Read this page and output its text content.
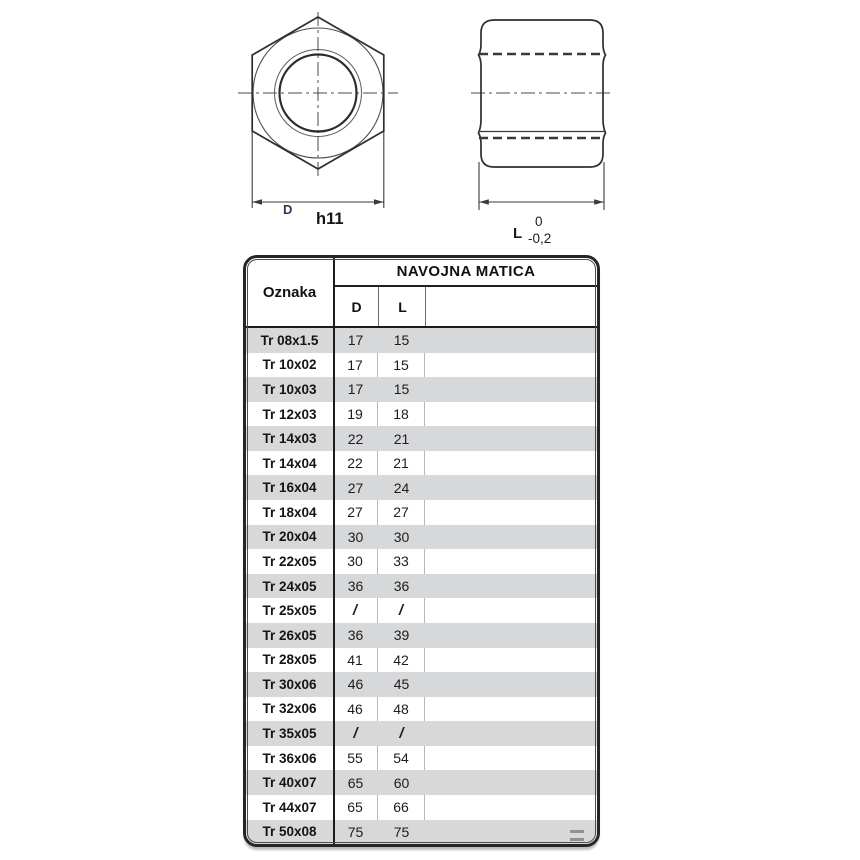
D
h11
L
0
-0,2
Oznaka
NAVOJNA MATICA
D	L
Tr 08x1.5	17	15
Tr 10x02	17	15
Tr 10x03	17	15
Tr 12x03	19	18
Tr 14x03	22	21
Tr 14x04	22	21
Tr 16x04	27	24
Tr 18x04	27	27
Tr 20x04	30	30
Tr 22x05	30	33
Tr 24x05	36	36
Tr 25x05	/	/
Tr 26x05	36	39
Tr 28x05	41	42
Tr 30x06	46	45
Tr 32x06	46	48
Tr 35x05	/	/
Tr 36x06	55	54
Tr 40x07	65	60
Tr 44x07	65	66
Tr 50x08	75	75
